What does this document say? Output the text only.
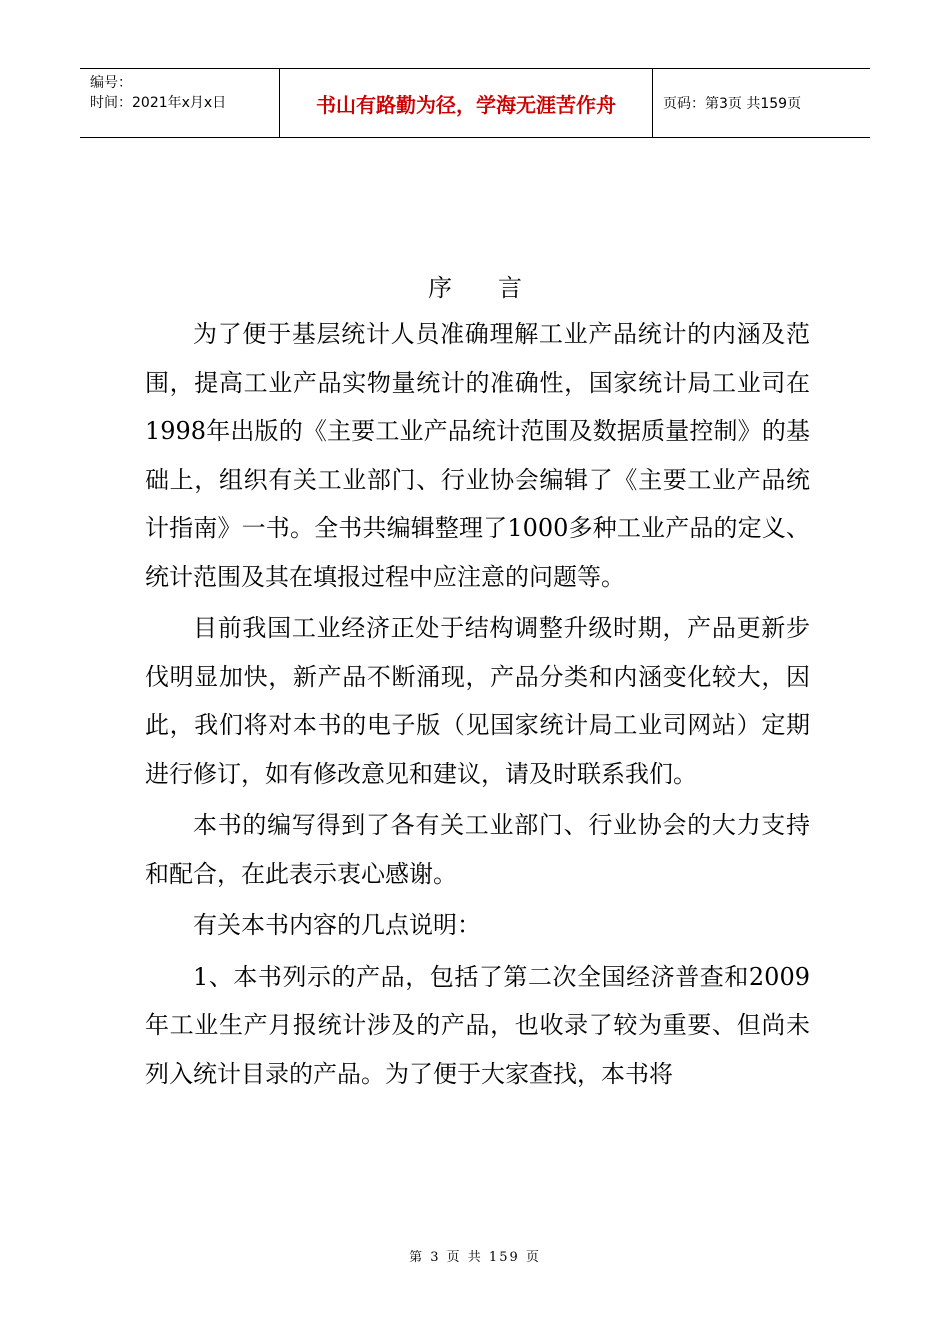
编号：
时间：2021年x月x日	书山有路勤为径，学海无涯苦作舟	页码：第3页 共159页
序言

为了便于基层统计人员准确理解工业产品统计的内涵及范围，提高工业产品实物量统计的准确性，国家统计局工业司在1998年出版的《主要工业产品统计范围及数据质量控制》的基础上，组织有关工业部门、行业协会编辑了《主要工业产品统计指南》一书。全书共编辑整理了1000多种工业产品的定义、统计范围及其在填报过程中应注意的问题等。

目前我国工业经济正处于结构调整升级时期，产品更新步伐明显加快，新产品不断涌现，产品分类和内涵变化较大，因此，我们将对本书的电子版（见国家统计局工业司网站）定期进行修订，如有修改意见和建议，请及时联系我们。

本书的编写得到了各有关工业部门、行业协会的大力支持和配合，在此表示衷心感谢。

有关本书内容的几点说明：

1、本书列示的产品，包括了第二次全国经济普查和2009年工业生产月报统计涉及的产品，也收录了较为重要、但尚未列入统计目录的产品。为了便于大家查找，本书将

第 3 页 共 159 页
